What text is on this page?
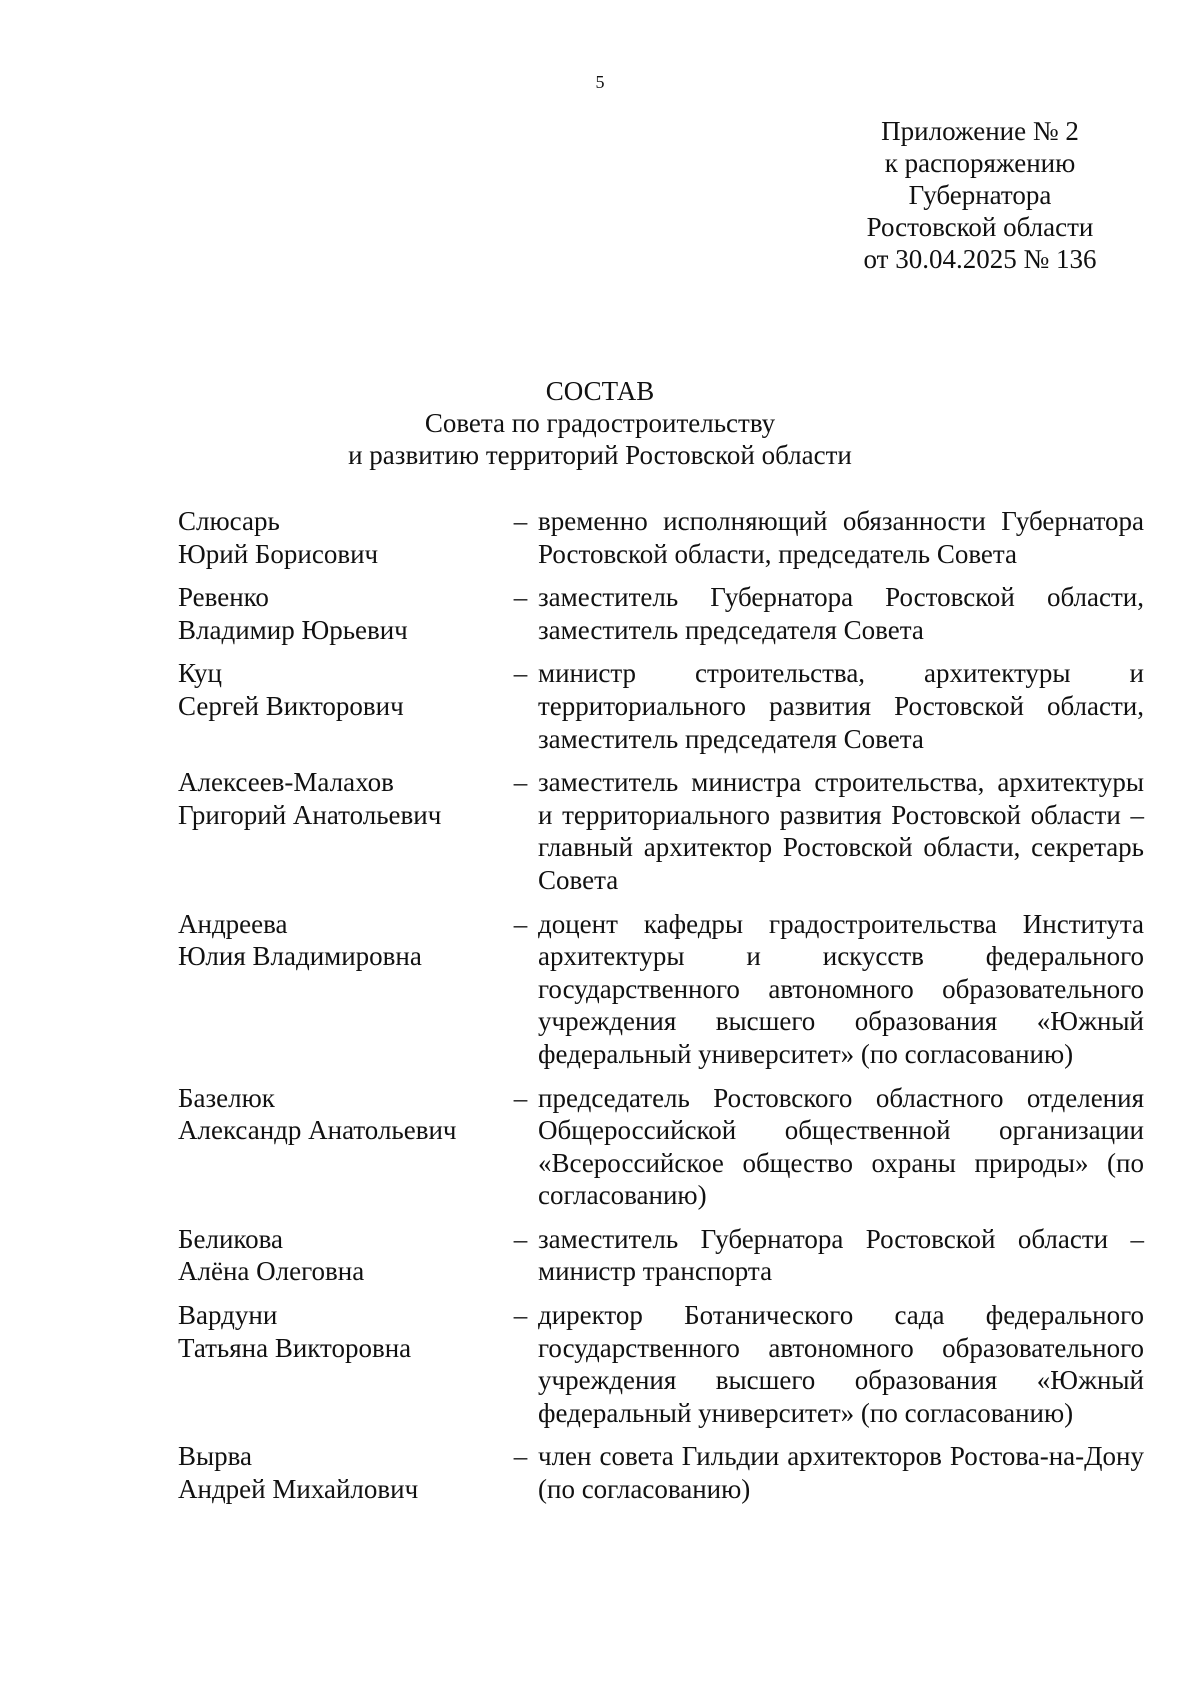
5
Приложение № 2
к распоряжению
Губернатора
Ростовской области
от 30.04.2025 № 136
СОСТАВ
Совета по градостроительству
и развитию территорий Ростовской области
Слюсарь
Юрий Борисович
– временно исполняющий обязанности Губернатора Ростовской области, председатель Совета
Ревенко
Владимир Юрьевич
– заместитель Губернатора Ростовской области, заместитель председателя Совета
Куц
Сергей Викторович
– министр строительства, архитектуры и территориального развития Ростовской области, заместитель председателя Совета
Алексеев-Малахов
Григорий Анатольевич
– заместитель министра строительства, архитектуры и территориального развития Ростовской области – главный архитектор Ростовской области, секретарь Совета
Андреева
Юлия Владимировна
– доцент кафедры градостроительства Института архитектуры и искусств федерального государственного автономного образовательного учреждения высшего образования «Южный федеральный университет» (по согласованию)
Базелюк
Александр Анатольевич
– председатель Ростовского областного отделения Общероссийской общественной организации «Всероссийское общество охраны природы» (по согласованию)
Беликова
Алёна Олеговна
– заместитель Губернатора Ростовской области – министр транспорта
Вардуни
Татьяна Викторовна
– директор Ботанического сада федерального государственного автономного образовательного учреждения высшего образования «Южный федеральный университет» (по согласованию)
Вырва
Андрей Михайлович
– член совета Гильдии архитекторов Ростова-на-Дону (по согласованию)
